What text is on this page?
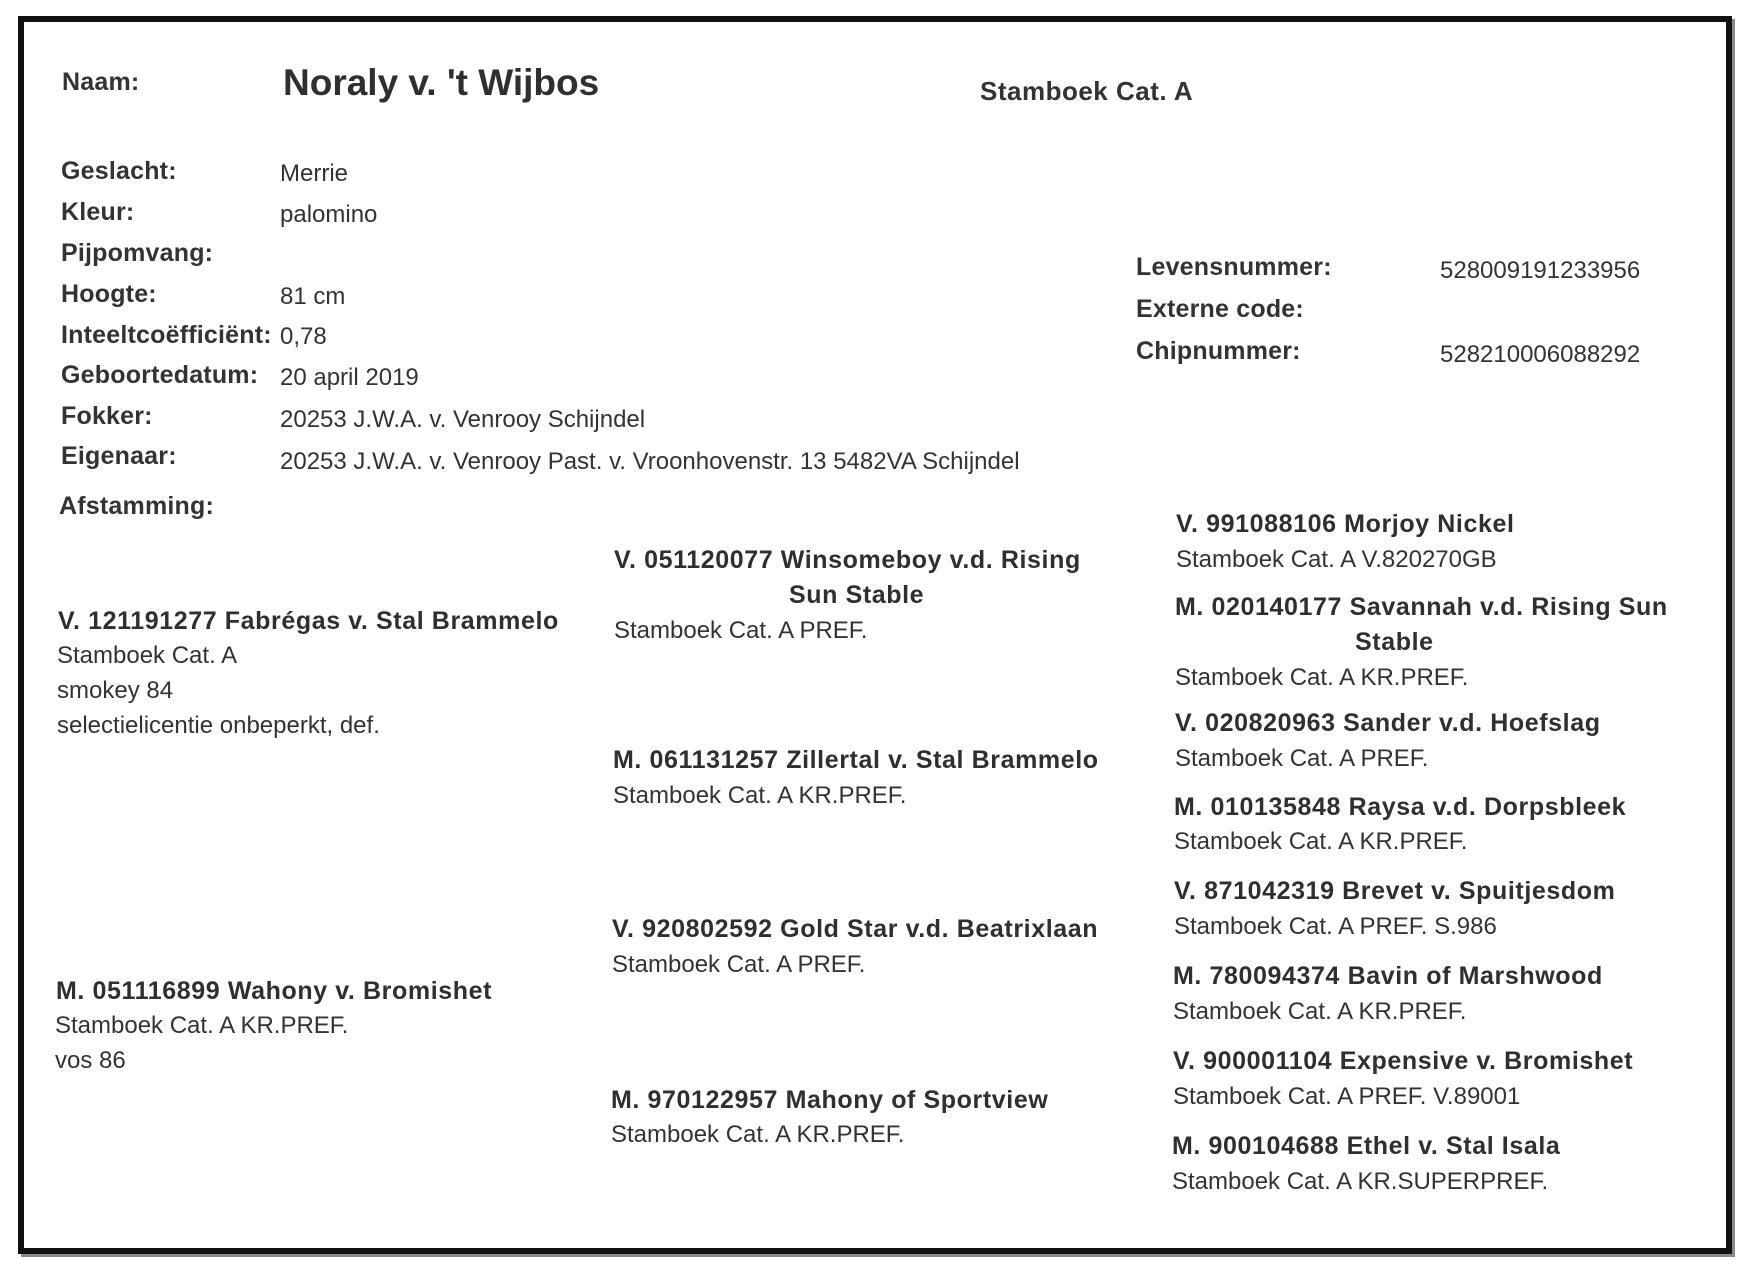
Naam:	Noraly v. 't Wijbos	Stamboek Cat. A
Geslacht:	Merrie
Kleur:	palomino
Pijpomvang:
Hoogte:	81 cm
Inteeltcoëfficiënt: 0,78
Geboortedatum: 20 april 2019
Fokker:	20253 J.W.A. v. Venrooy Schijndel
Eigenaar:	20253 J.W.A. v. Venrooy Past. v. Vroonhovenstr. 13 5482VA Schijndel
Levensnummer:	528009191233956
Externe code:
Chipnummer:	528210006088292
Afstamming:
V. 121191277 Fabrégas v. Stal Brammelo
Stamboek Cat. A
smokey 84
selectielicentie onbeperkt, def.
M. 051116899 Wahony v. Bromishet
Stamboek Cat. A KR.PREF.
vos 86
V. 051120077 Winsomeboy v.d. Rising
Sun Stable
Stamboek Cat. A PREF.
M. 061131257 Zillertal v. Stal Brammelo
Stamboek Cat. A KR.PREF.
V. 920802592 Gold Star v.d. Beatrixlaan
Stamboek Cat. A PREF.
M. 970122957 Mahony of Sportview
Stamboek Cat. A KR.PREF.
V. 991088106 Morjoy Nickel
Stamboek Cat. A V.820270GB
M. 020140177 Savannah v.d. Rising Sun
Stable
Stamboek Cat. A KR.PREF.
V. 020820963 Sander v.d. Hoefslag
Stamboek Cat. A PREF.
M. 010135848 Raysa v.d. Dorpsbleek
Stamboek Cat. A KR.PREF.
V. 871042319 Brevet v. Spuitjesdom
Stamboek Cat. A PREF. S.986
M. 780094374 Bavin of Marshwood
Stamboek Cat. A KR.PREF.
V. 900001104 Expensive v. Bromishet
Stamboek Cat. A PREF. V.89001
M. 900104688 Ethel v. Stal Isala
Stamboek Cat. A KR.SUPERPREF.
